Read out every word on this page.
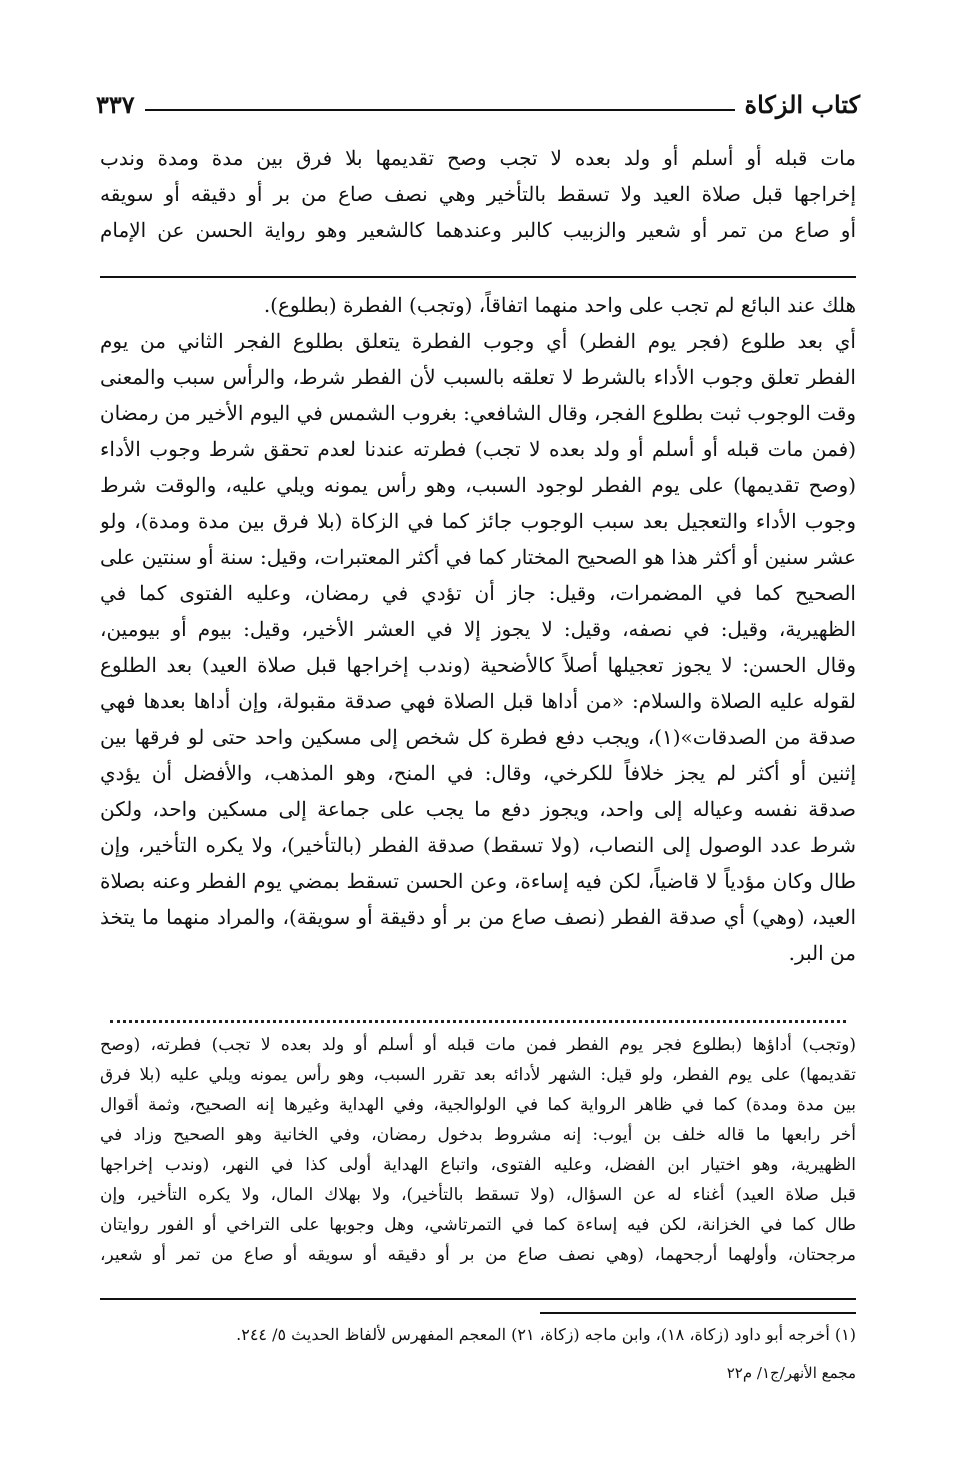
كتاب الزكاة
٣٣٧
مات قبله أو أسلم أو ولد بعده لا تجب وصح تقديمها بلا فرق بين مدة ومدة وندب
إخراجها قبل صلاة العيد ولا تسقط بالتأخير وهي نصف صاع من بر أو دقيقه أو سويقه
أو صاع من تمر أو شعير والزبيب كالبر وعندهما كالشعير وهو رواية الحسن عن الإمام
هلك عند البائع لم تجب على واحد منهما اتفاقاً، (وتجب) الفطرة (بطلوع).
أي بعد طلوع (فجر يوم الفطر) أي وجوب الفطرة يتعلق بطلوع الفجر الثاني من يوم
الفطر تعلق وجوب الأداء بالشرط لا تعلقه بالسبب لأن الفطر شرط، والرأس سبب والمعنى
وقت الوجوب ثبت بطلوع الفجر، وقال الشافعي: بغروب الشمس في اليوم الأخير من رمضان
(فمن مات قبله أو أسلم أو ولد بعده لا تجب) فطرته عندنا لعدم تحقق شرط وجوب الأداء
(وصح تقديمها) على يوم الفطر لوجود السبب، وهو رأس يمونه ويلي عليه، والوقت شرط
وجوب الأداء والتعجيل بعد سبب الوجوب جائز كما في الزكاة (بلا فرق بين مدة ومدة)، ولو
عشر سنين أو أكثر هذا هو الصحيح المختار كما في أكثر المعتبرات، وقيل: سنة أو سنتين على
الصحيح كما في المضمرات، وقيل: جاز أن تؤدي في رمضان، وعليه الفتوى كما في
الظهيرية، وقيل: في نصفه، وقيل: لا يجوز إلا في العشر الأخير، وقيل: بيوم أو بيومين،
وقال الحسن: لا يجوز تعجيلها أصلاً كالأضحية (وندب إخراجها قبل صلاة العيد) بعد الطلوع
لقوله عليه الصلاة والسلام: «من أداها قبل الصلاة فهي صدقة مقبولة، وإن أداها بعدها فهي
صدقة من الصدقات»(١)، ويجب دفع فطرة كل شخص إلى مسكين واحد حتى لو فرقها بين
إثنين أو أكثر لم يجز خلافاً للكرخي، وقال: في المنح، وهو المذهب، والأفضل أن يؤدي
صدقة نفسه وعياله إلى واحد، ويجوز دفع ما يجب على جماعة إلى مسكين واحد، ولكن
شرط عدد الوصول إلى النصاب، (ولا تسقط) صدقة الفطر (بالتأخير)، ولا يكره التأخير، وإن
طال وكان مؤدياً لا قاضياً، لكن فيه إساءة، وعن الحسن تسقط بمضي يوم الفطر وعنه بصلاة
العيد، (وهي) أي صدقة الفطر (نصف صاع من بر أو دقيقة أو سويقة)، والمراد منهما ما يتخذ
من البر.
(وتجب) أداؤها (بطلوع فجر يوم الفطر فمن مات قبله أو أسلم أو ولد بعده لا تجب) فطرته، (وصح
تقديمها) على يوم الفطر، ولو قيل: الشهر لأدائه بعد تقرر السبب، وهو رأس يمونه ويلي عليه (بلا فرق
بين مدة ومدة) كما في ظاهر الرواية كما في الولوالجية، وفي الهداية وغيرها إنه الصحيح، وثمة أقوال
أخر رابعها ما قاله خلف بن أيوب: إنه مشروط بدخول رمضان، وفي الخانية وهو الصحيح وزاد في
الظهيرية، وهو اختيار ابن الفضل، وعليه الفتوى، واتباع الهداية أولى كذا في النهر، (وندب إخراجها
قبل صلاة العيد) أغناء له عن السؤال، (ولا تسقط بالتأخير)، ولا بهلاك المال، ولا يكره التأخير، وإن
طال كما في الخزانة، لكن فيه إساءة كما في التمرتاشي، وهل وجوبها على التراخي أو الفور روايتان
مرجحتان، وأولهما أرجحهما، (وهي نصف صاع من بر أو دقيقه أو سويقه أو صاع من تمر أو شعير،
(١) أخرجه أبو داود (زكاة، ١٨)، وابن ماجه (زكاة، ٢١) المعجم المفهرس لألفاظ الحديث ٥/ ٢٤٤.
مجمع الأنهر/ج١/ م٢٢
